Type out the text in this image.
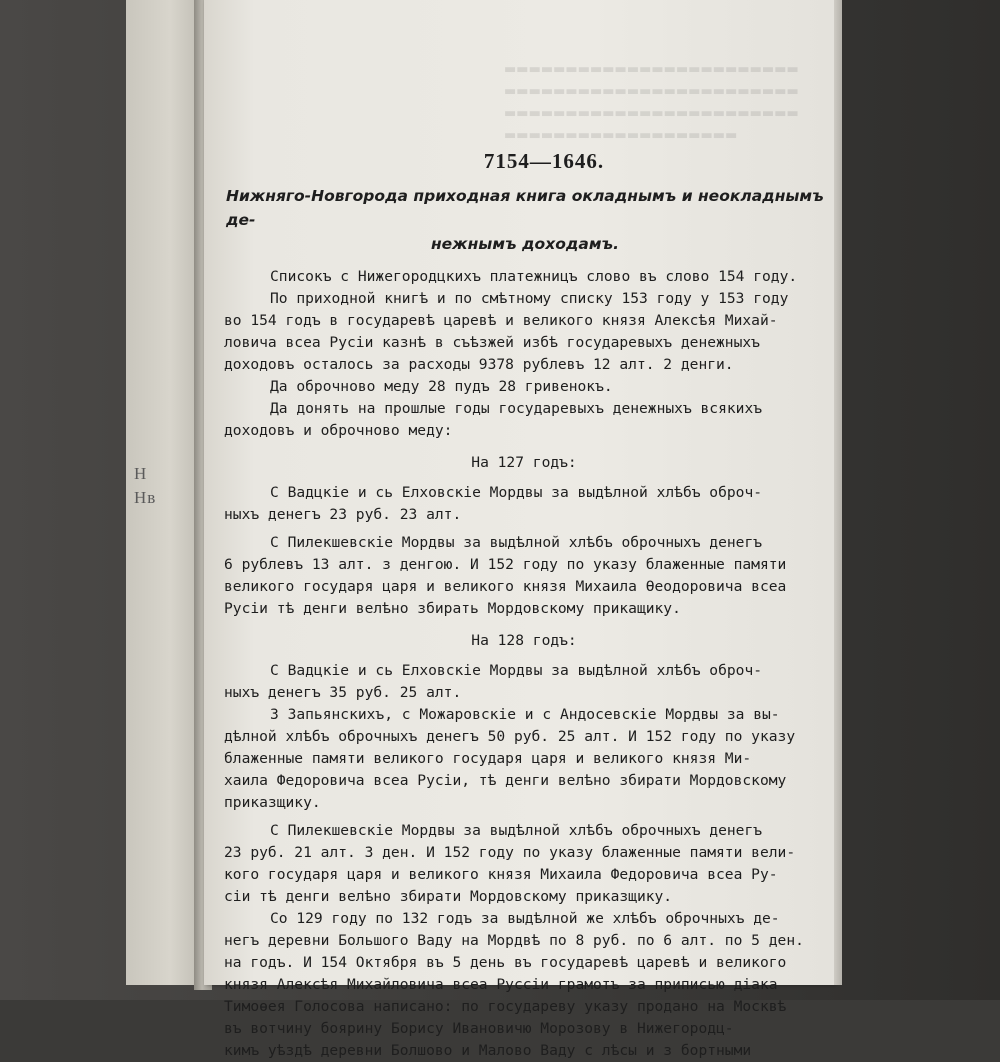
Н
Нв
▬▬▬▬▬▬▬▬▬▬▬▬▬▬▬▬▬▬▬▬▬▬▬▬
▬▬▬▬▬▬▬▬▬▬▬▬▬▬▬▬▬▬▬▬▬▬▬▬
▬▬▬▬▬▬▬▬▬▬▬▬▬▬▬▬▬▬▬▬▬▬▬▬
▬▬▬▬▬▬▬▬▬▬▬▬▬▬▬▬▬▬▬
7154—1646.
Нижняго-Новгорода приходная книга окладнымъ и неокладнымъ де-
нежнымъ доходамъ.

Списокъ с Нижегородцкихъ платежницъ слово въ слово 154 году.

По приходной книгѣ и по смѣтному списку 153 году у 153 году

во 154 годъ в государевѣ царевѣ и великого князя Алексѣя Михай-

ловича всеа Русіи казнѣ в съѣзжей избѣ государевыхъ денежныхъ

доходовъ осталось за расходы 9378 рублевъ 12 алт. 2 денги.

Да оброчново меду 28 пудъ 28 гривенокъ.

Да донять на прошлые годы государевыхъ денежныхъ всякихъ

доходовъ и оброчново меду:

На 127 годъ:

С Вадцкіе и сь Елховскіе Мордвы за выдѣлной хлѣбъ оброч-

ныхъ денегъ 23 руб. 23 алт.

С Пилекшевскіе Мордвы за выдѣлной хлѣбъ оброчныхъ денегъ

6 рублевъ 13 алт. з денгою. И 152 году по указу блаженные памяти

великого государя царя и великого князя Михаила Ѳеодоровича всеа

Русіи тѣ денги велѣно збирать Мордовскому прикащику.

На 128 годъ:

С Вадцкіе и сь Елховскіе Мордвы за выдѣлной хлѣбъ оброч-

ныхъ денегъ 35 руб. 25 алт.

З Запьянскихъ, с Можаровскіе и с Андосевскіе Мордвы за вы-

дѣлной хлѣбъ оброчныхъ денегъ 50 руб. 25 алт. И 152 году по указу

блаженные памяти великого государя царя и великого князя Ми-

хаила Федоровича всеа Русіи, тѣ денги велѣно збирати Мордовскому

приказщику.

С Пилекшевскіе Мордвы за выдѣлной хлѣбъ оброчныхъ денегъ

23 руб. 21 алт. 3 ден. И 152 году по указу блаженные памяти вели-

кого государя царя и великого князя Михаила Федоровича всеа Ру-

сіи тѣ денги велѣно збирати Мордовскому приказщику.

Со 129 году по 132 годъ за выдѣлной же хлѣбъ оброчныхъ де-

негъ деревни Большого Ваду на Мордвѣ по 8 руб. по 6 алт. по 5 ден.

на годъ. И 154 Октября въ 5 день въ государевѣ царевѣ и великого

князя Алексѣя Михайловича всеа Руссіи грамотъ за приписью діака

Тимоѳея Голосова написано: по государеву указу продано на Москвѣ

въ вотчину боярину Борису Ивановичю Морозову в Нижегородц-

кимъ уѣздѣ деревни Болшово и Малово Ваду с лѣсы и з бортными
